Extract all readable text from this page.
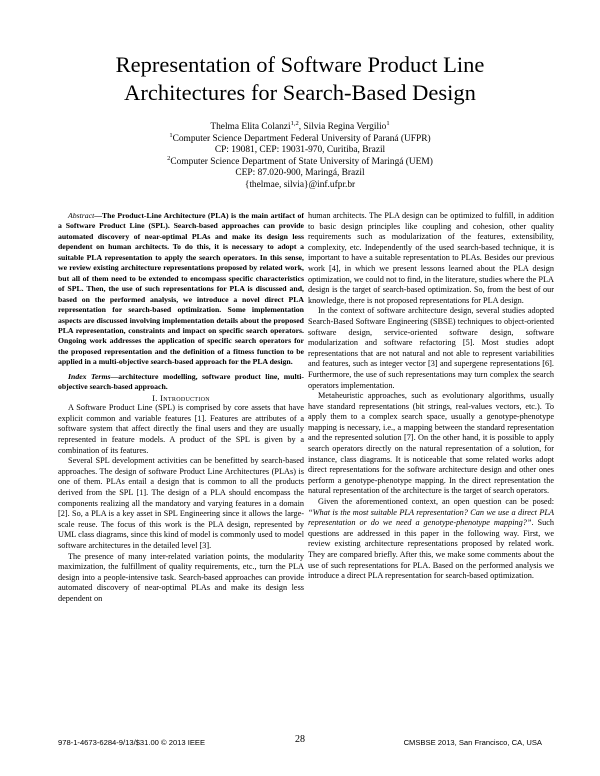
Representation of Software Product Line
Architectures for Search-Based Design
Thelma Elita Colanzi$^{1,2}$, Silvia Regina Vergilio$^1$
$^1$Computer Science Department Federal University of Paraná (UFPR)
CP: 19081, CEP: 19031-970, Curitiba, Brazil
$^2$Computer Science Department of State University of Maringá (UEM)
CEP: 87.020-900, Maringá, Brazil
{thelmae, silvia}@inf.ufpr.br

Abstract—The Product-Line Architecture (PLA) is the main artifact of a Software Product Line (SPL). Search-based approaches can provide automated discovery of near-optimal PLAs and make its design less dependent on human architects. To do this, it is necessary to adopt a suitable PLA representation to apply the search operators. In this sense, we review existing architecture representations proposed by related work, but all of them need to be extended to encompass specific characteristics of SPL. Then, the use of such representations for PLA is discussed and, based on the performed analysis, we introduce a novel direct PLA representation for search-based optimization. Some implementation aspects are discussed involving implementation details about the proposed PLA representation, constraints and impact on specific search operators. Ongoing work addresses the application of specific search operators for the proposed representation and the definition of a fitness function to be applied in a multi-objective search-based approach for the PLA design.

Index Terms—architecture modelling, software product line, multi-objective search-based approach.

I. Introduction

A Software Product Line (SPL) is comprised by core assets that have explicit common and variable features [1]. Features are attributes of a software system that affect directly the final users and they are usually represented in feature models. A product of the SPL is given by a combination of its features.

Several SPL development activities can be benefitted by search-based approaches. The design of software Product Line Architectures (PLAs) is one of them. PLAs entail a design that is common to all the products derived from the SPL [1]. The design of a PLA should encompass the components realizing all the mandatory and varying features in a domain [2]. So, a PLA is a key asset in SPL Engineering since it allows the large-scale reuse. The focus of this work is the PLA design, represented by UML class diagrams, since this kind of model is commonly used to model software architectures in the detailed level [3].

The presence of many inter-related variation points, the modularity maximization, the fulfillment of quality requirements, etc., turn the PLA design into a people-intensive task. Search-based approaches can provide automated discovery of near-optimal PLAs and make its design less dependent on

human architects. The PLA design can be optimized to fulfill, in addition to basic design principles like coupling and cohesion, other quality requirements such as modularization of the features, extensibility, complexity, etc. Independently of the used search-based technique, it is important to have a suitable representation to PLAs. Besides our previous work [4], in which we present lessons learned about the PLA design optimization, we could not to find, in the literature, studies where the PLA design is the target of search-based optimization. So, from the best of our knowledge, there is not proposed representations for PLA design.

In the context of software architecture design, several studies adopted Search-Based Software Engineering (SBSE) techniques to object-oriented software design, service-oriented software design, software modularization and software refactoring [5]. Most studies adopt representations that are not natural and not able to represent variabilities and features, such as integer vector [3] and supergene representations [6]. Furthermore, the use of such representations may turn complex the search operators implementation.

Metaheuristic approaches, such as evolutionary algorithms, usually have standard representations (bit strings, real-values vectors, etc.). To apply them to a complex search space, usually a genotype-phenotype mapping is necessary, i.e., a mapping between the standard representation and the represented solution [7]. On the other hand, it is possible to apply search operators directly on the natural representation of a solution, for instance, class diagrams. It is noticeable that some related works adopt direct representations for the software architecture design and other ones perform a genotype-phenotype mapping. In the direct representation the natural representation of the architecture is the target of search operators.

Given the aforementioned context, an open question can be posed: “What is the most suitable PLA representation? Can we use a direct PLA representation or do we need a genotype-phenotype mapping?”. Such questions are addressed in this paper in the following way. First, we review existing architecture representations proposed by related work. They are compared briefly. After this, we make some comments about the use of such representations for PLA. Based on the performed analysis we introduce a direct PLA representation for search-based optimization.

978-1-4673-6284-9/13/$31.00 © 2013 IEEE	28	CMSBSE 2013, San Francisco, CA, USA
